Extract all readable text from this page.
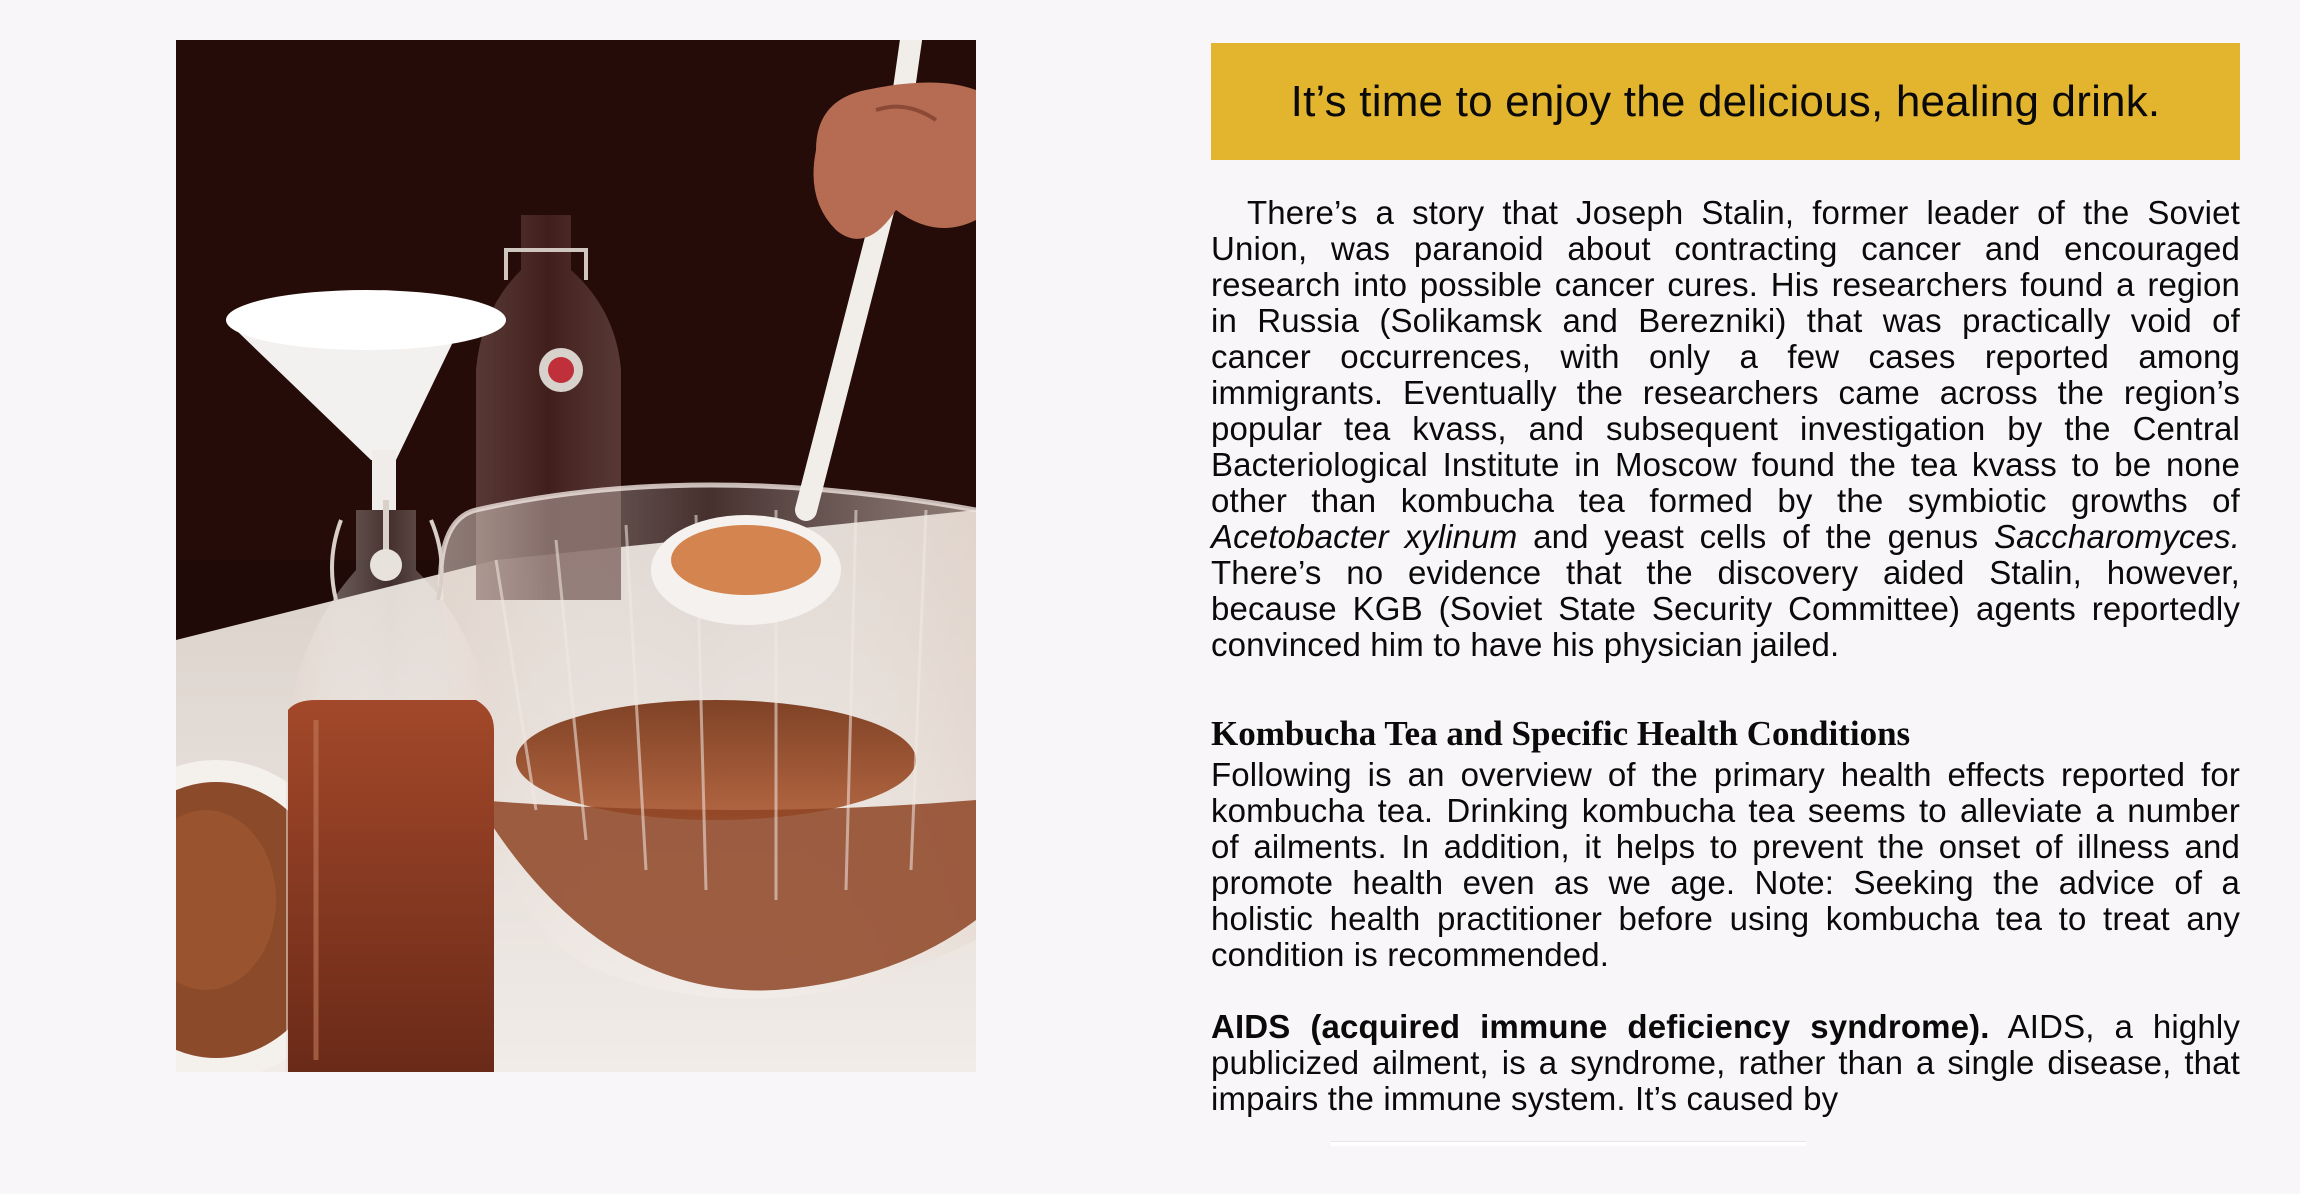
It’s time to enjoy the delicious, healing drink.

There’s a story that Joseph Stalin, former leader of the Soviet Union, was paranoid about contracting cancer and encouraged research into possible cancer cures. His researchers found a region in Russia (Solikamsk and Berezniki) that was practically void of cancer occurrences, with only a few cases reported among immigrants. Eventually the researchers came across the region’s popular tea kvass, and subsequent investigation by the Central Bacteriological Institute in Moscow found the tea kvass to be none other than kombucha tea formed by the symbiotic growths of Acetobacter xylinum and yeast cells of the genus Saccharomyces. There’s no evidence that the discovery aided Stalin, however, because KGB (Soviet State Security Committee) agents reportedly convinced him to have his physician jailed.

Kombucha Tea and Specific Health Conditions

Following is an overview of the primary health effects reported for kombucha tea. Drinking kombucha tea seems to alleviate a number of ailments. In addition, it helps to prevent the onset of illness and promote health even as we age. Note: Seeking the advice of a holistic health practitioner before using kombucha tea to treat any condition is recommended.

AIDS (acquired immune deficiency syndrome). AIDS, a highly publicized ailment, is a syndrome, rather than a single disease, that impairs the immune system. It’s caused by
